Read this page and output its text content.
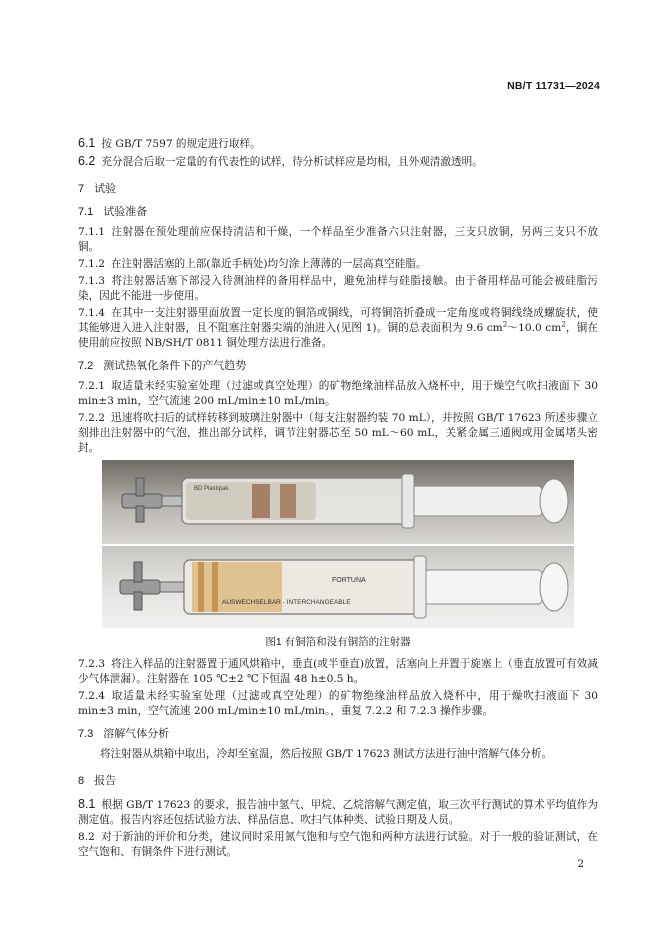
NB/T 11731—2024

6.1 按 GB/T 7597 的规定进行取样。

6.2 充分混合后取一定量的有代表性的试样，待分析试样应是均相，且外观清澈透明。

7 试验
7.1 试验准备

7.1.1 注射器在预处理前应保持清洁和干燥，一个样品至少准备六只注射器，三支只放铜，另两三支只不放铜。

7.1.2 在注射器活塞的上部(靠近手柄处)均匀涂上薄薄的一层高真空硅脂。

7.1.3 将注射器活塞下部浸入待测油样的备用样品中，避免油样与硅脂接触。由于备用样品可能会被硅脂污染，因此不能进一步使用。

7.1.4 在其中一支注射器里面放置一定长度的铜箔或铜线，可将铜箔折叠成一定角度或将铜线绕成螺旋状，使其能够进入进入注射器，且不阻塞注射器尖端的油进入(见图 1)。铜的总表面积为 9.6 $cm^2\sim 10.0$ $cm^2$，铜在使用前应按照 NB/SH/T 0811 铜处理方法进行准备。

7.2 测试热氧化条件下的产气趋势

7.2.1 取适量未经实验室处理（过滤或真空处理）的矿物绝缘油样品放入烧杯中，用于燥空气吹扫液面下 30 min±3 min，空气流速 200 mL/min±10 mL/min。

7.2.2 迅速将吹扫后的试样转移到玻璃注射器中（每支注射器约装 70 mL），并按照 GB/T 17623 所述步骤立刻排出注射器中的气泡，推出部分试样，调节注射器芯至 50 mL～60 mL，关紧金属三通阀或用金属堵头密封。

BD Plastipak
AUSWECHSELBAR - INTERCHANGEABLE
FORTUNA
图1 有铜箔和没有铜箔的注射器

7.2.3 将注入样品的注射器置于通风烘箱中，垂直(或半垂直)放置，活塞向上并置于旋塞上（垂直放置可有效减少气体泄漏）。注射器在 105 ℃±2 ℃下恒温 48 h±0.5 h。

7.2.4 取适量未经实验室处理（过滤或真空处理）的矿物绝缘油样品放入烧杯中，用于燥吹扫液面下 30 min±3 min，空气流速 200 mL/min±10 mL/min。，重复 7.2.2 和 7.2.3 操作步骤。

7.3 溶解气体分析

将注射器从烘箱中取出，冷却至室温，然后按照 GB/T 17623 测试方法进行油中溶解气体分析。

8 报告

8.1 根据 GB/T 17623 的要求，报告油中氢气、甲烷、乙烷溶解气测定值，取三次平行测试的算术平均值作为测定值。报告内容还包括试验方法、样品信息、吹扫气体种类、试验日期及人员。

8.2 对于新油的评价和分类，建议同时采用氮气饱和与空气饱和两种方法进行试验。对于一般的验证测试，在空气饱和、有铜条件下进行测试。

2
